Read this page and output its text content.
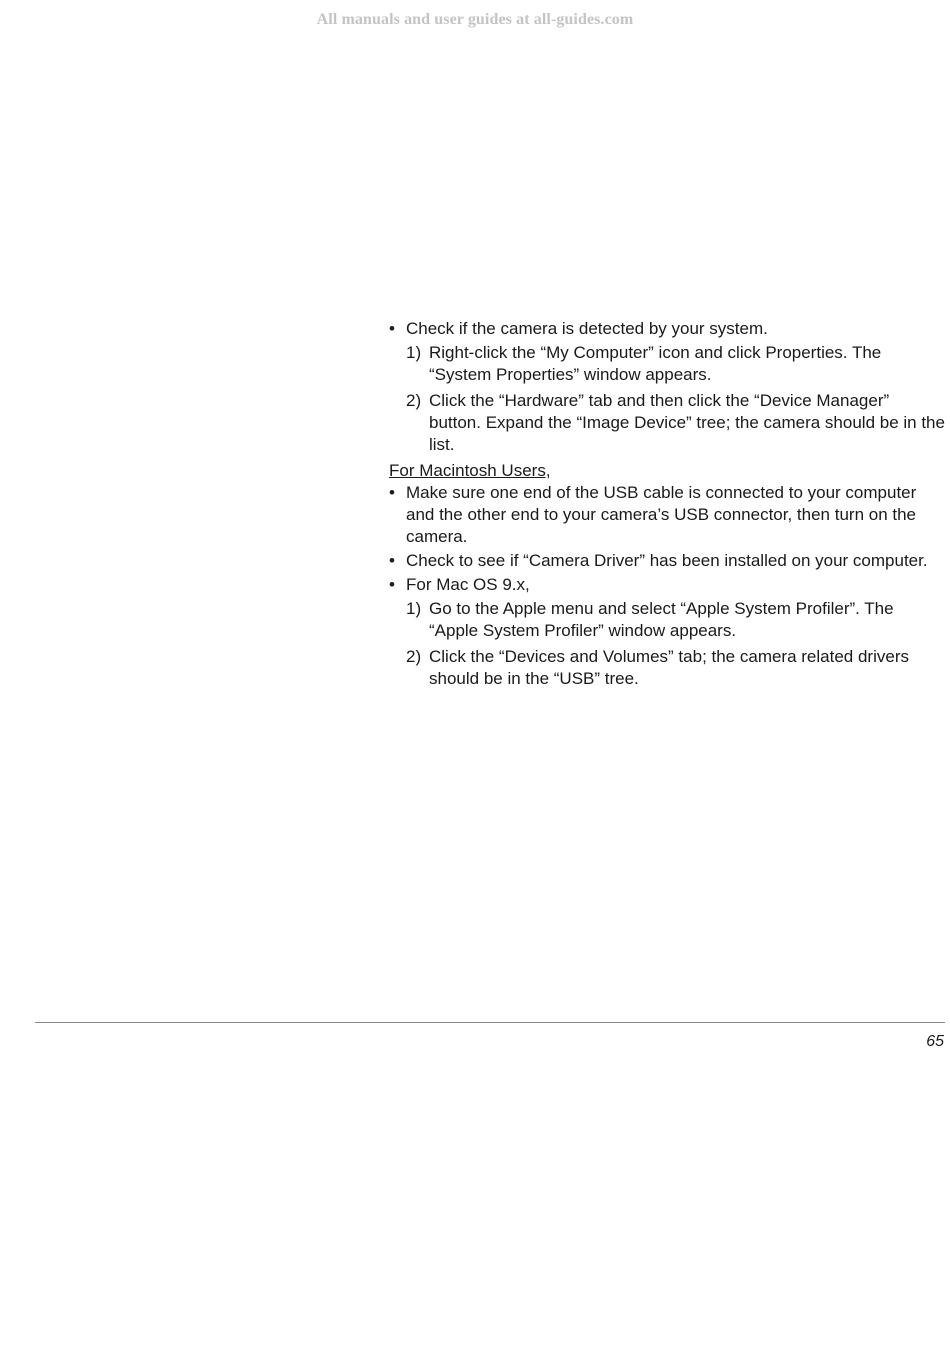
All manuals and user guides at all-guides.com
• Check if the camera is detected by your system.
1) Right-click the “My Computer” icon and click Properties. The “System Properties” window appears.
2) Click the “Hardware” tab and then click the “Device Manager” button. Expand the “Image Device” tree; the camera should be in the list.
For Macintosh Users,
• Make sure one end of the USB cable is connected to your computer and the other end to your camera’s USB connector, then turn on the camera.
• Check to see if “Camera Driver” has been installed on your computer.
• For Mac OS 9.x,
1) Go to the Apple menu and select “Apple System Profiler”. The “Apple System Profiler” window appears.
2) Click the “Devices and Volumes” tab; the camera related drivers should be in the “USB” tree.
65
